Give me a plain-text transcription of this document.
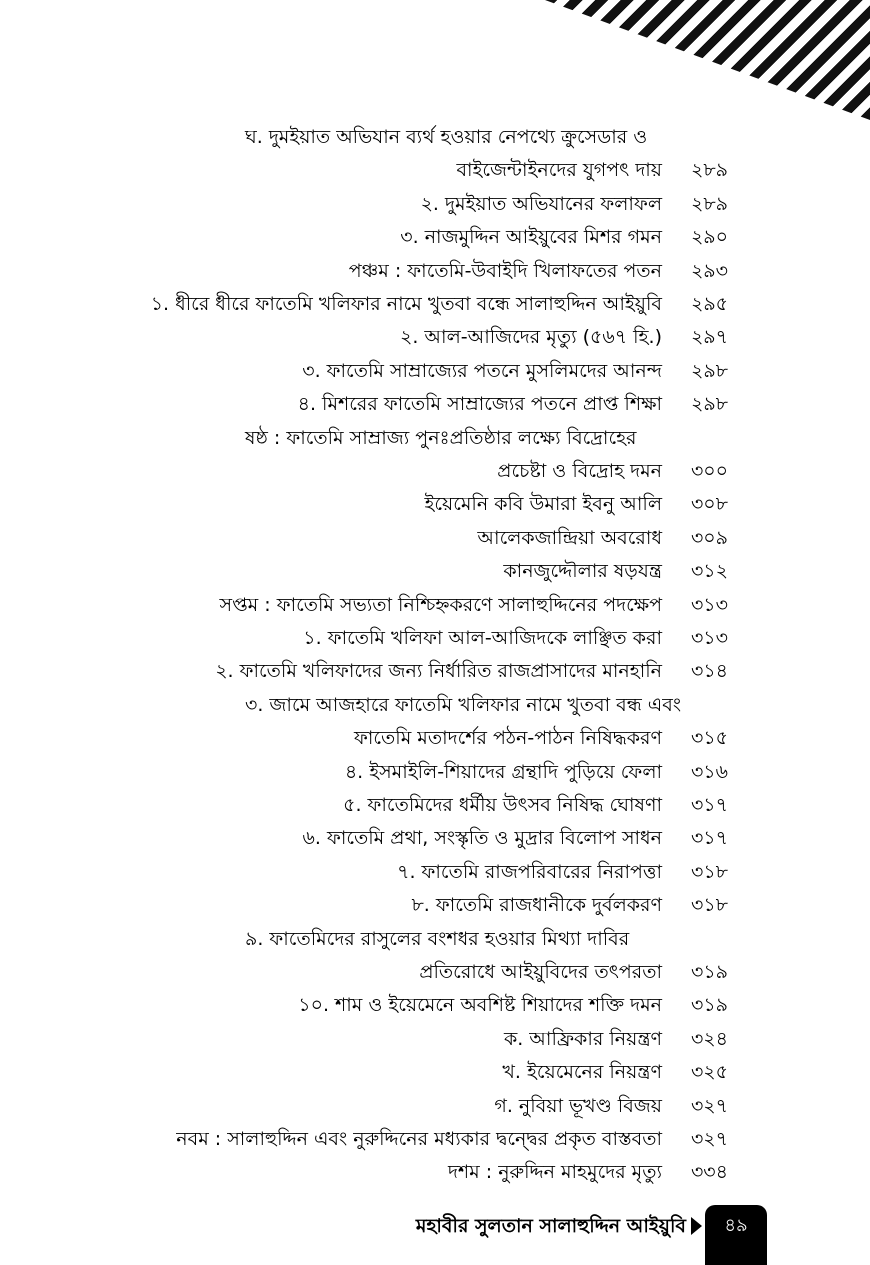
ঘ. দুমইয়াত অভিযান ব্যর্থ হওয়ার নেপথ্যে ক্রুসেডার ও
বাইজেন্টাইনদের যুগপৎ দায়	২৮৯
২. দুমইয়াত অভিযানের ফলাফল	২৮৯
৩. নাজমুদ্দিন আইয়ুবের মিশর গমন	২৯০
পঞ্চম : ফাতেমি-উবাইদি খিলাফতের পতন	২৯৩
১. ধীরে ধীরে ফাতেমি খলিফার নামে খুতবা বন্ধে সালাহুদ্দিন আইয়ুবি	২৯৫
২. আল-আজিদের মৃত্যু (৫৬৭ হি.)	২৯৭
৩. ফাতেমি সাম্রাজ্যের পতনে মুসলিমদের আনন্দ	২৯৮
৪. মিশরের ফাতেমি সাম্রাজ্যের পতনে প্রাপ্ত শিক্ষা	২৯৮
ষষ্ঠ : ফাতেমি সাম্রাজ্য পুনঃপ্রতিষ্ঠার লক্ষ্যে বিদ্রোহের
প্রচেষ্টা ও বিদ্রোহ দমন	৩০০
ইয়েমেনি কবি উমারা ইবনু আলি	৩০৮
আলেকজান্দ্রিয়া অবরোধ	৩০৯
কানজুদ্দৌলার ষড়যন্ত্র	৩১২
সপ্তম : ফাতেমি সভ্যতা নিশ্চিহ্নকরণে সালাহুদ্দিনের পদক্ষেপ	৩১৩
১. ফাতেমি খলিফা আল-আজিদকে লাঞ্ছিত করা	৩১৩
২. ফাতেমি খলিফাদের জন্য নির্ধারিত রাজপ্রাসাদের মানহানি	৩১৪
৩. জামে আজহারে ফাতেমি খলিফার নামে খুতবা বন্ধ এবং
ফাতেমি মতাদর্শের পঠন-পাঠন নিষিদ্ধকরণ	৩১৫
৪. ইসমাইলি-শিয়াদের গ্রন্থাদি পুড়িয়ে ফেলা	৩১৬
৫. ফাতেমিদের ধর্মীয় উৎসব নিষিদ্ধ ঘোষণা	৩১৭
৬. ফাতেমি প্রথা, সংস্কৃতি ও মুদ্রার বিলোপ সাধন	৩১৭
৭. ফাতেমি রাজপরিবারের নিরাপত্তা	৩১৮
৮. ফাতেমি রাজধানীকে দুর্বলকরণ	৩১৮
৯. ফাতেমিদের রাসুলের বংশধর হওয়ার মিথ্যা দাবির
প্রতিরোধে আইয়ুবিদের তৎপরতা	৩১৯
১০. শাম ও ইয়েমেনে অবশিষ্ট শিয়াদের শক্তি দমন	৩১৯
ক. আফ্রিকার নিয়ন্ত্রণ	৩২৪
খ. ইয়েমেনের নিয়ন্ত্রণ	৩২৫
গ. নুবিয়া ভূখণ্ড বিজয়	৩২৭
নবম : সালাহুদ্দিন এবং নুরুদ্দিনের মধ্যকার দ্বন্দ্বের প্রকৃত বাস্তবতা	৩২৭
দশম : নুরুদ্দিন মাহমুদের মৃত্যু	৩৩৪
মহাবীর সুলতান সালাহুদ্দিন আইয়ুবি	৪৯
